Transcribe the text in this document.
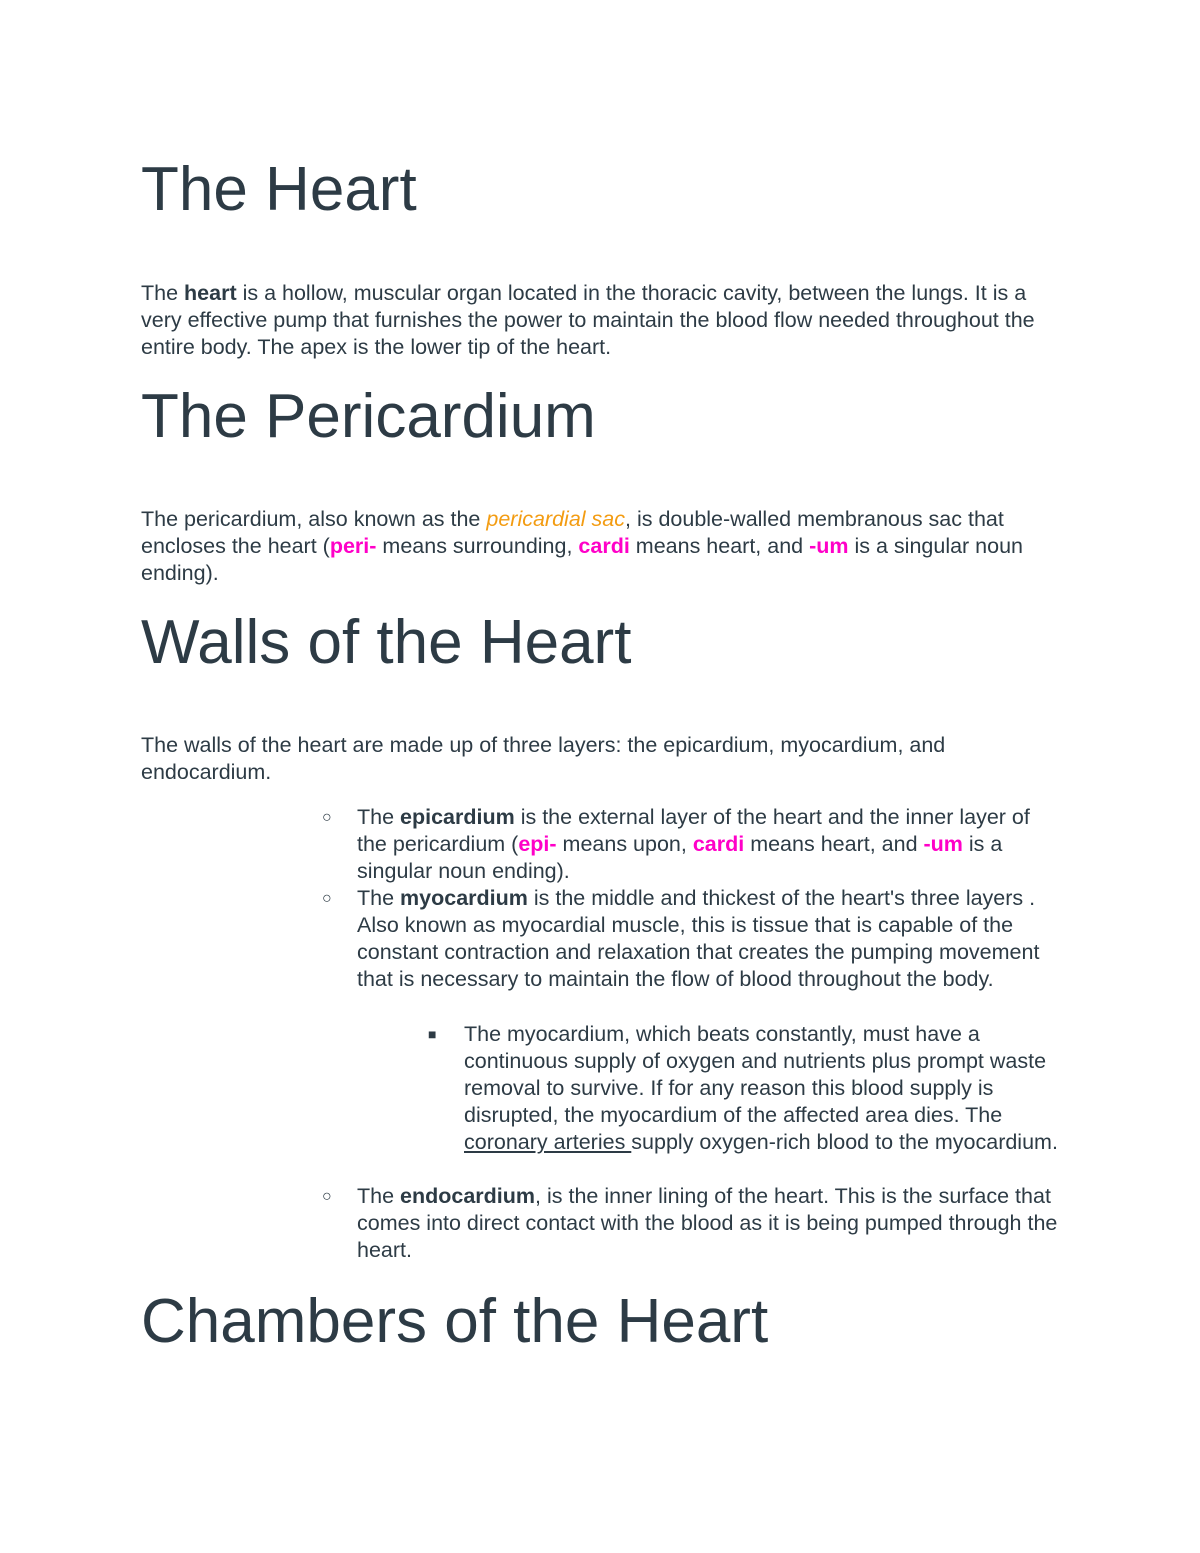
The Heart

The heart is a hollow, muscular organ located in the thoracic cavity, between the lungs. It is a very effective pump that furnishes the power to maintain the blood flow needed throughout the entire body. The apex is the lower tip of the heart.

The Pericardium

The pericardium, also known as the pericardial sac, is double-walled membranous sac that encloses the heart (peri- means surrounding, cardi means heart, and -um is a singular noun ending).

Walls of the Heart

The walls of the heart are made up of three layers: the epicardium, myocardium, and endocardium.

○ The epicardium is the external layer of the heart and the inner layer of the pericardium (epi- means upon, cardi means heart, and -um is a singular noun ending).

○ The myocardium is the middle and thickest of the heart's three layers . Also known as myocardial muscle, this is tissue that is capable of the constant contraction and relaxation that creates the pumping movement that is necessary to maintain the flow of blood throughout the body.

■ The myocardium, which beats constantly, must have a continuous supply of oxygen and nutrients plus prompt waste removal to survive. If for any reason this blood supply is disrupted, the myocardium of the affected area dies. The coronary arteries supply oxygen-rich blood to the myocardium.

○ The endocardium, is the inner lining of the heart. This is the surface that comes into direct contact with the blood as it is being pumped through the heart.

Chambers of the Heart
